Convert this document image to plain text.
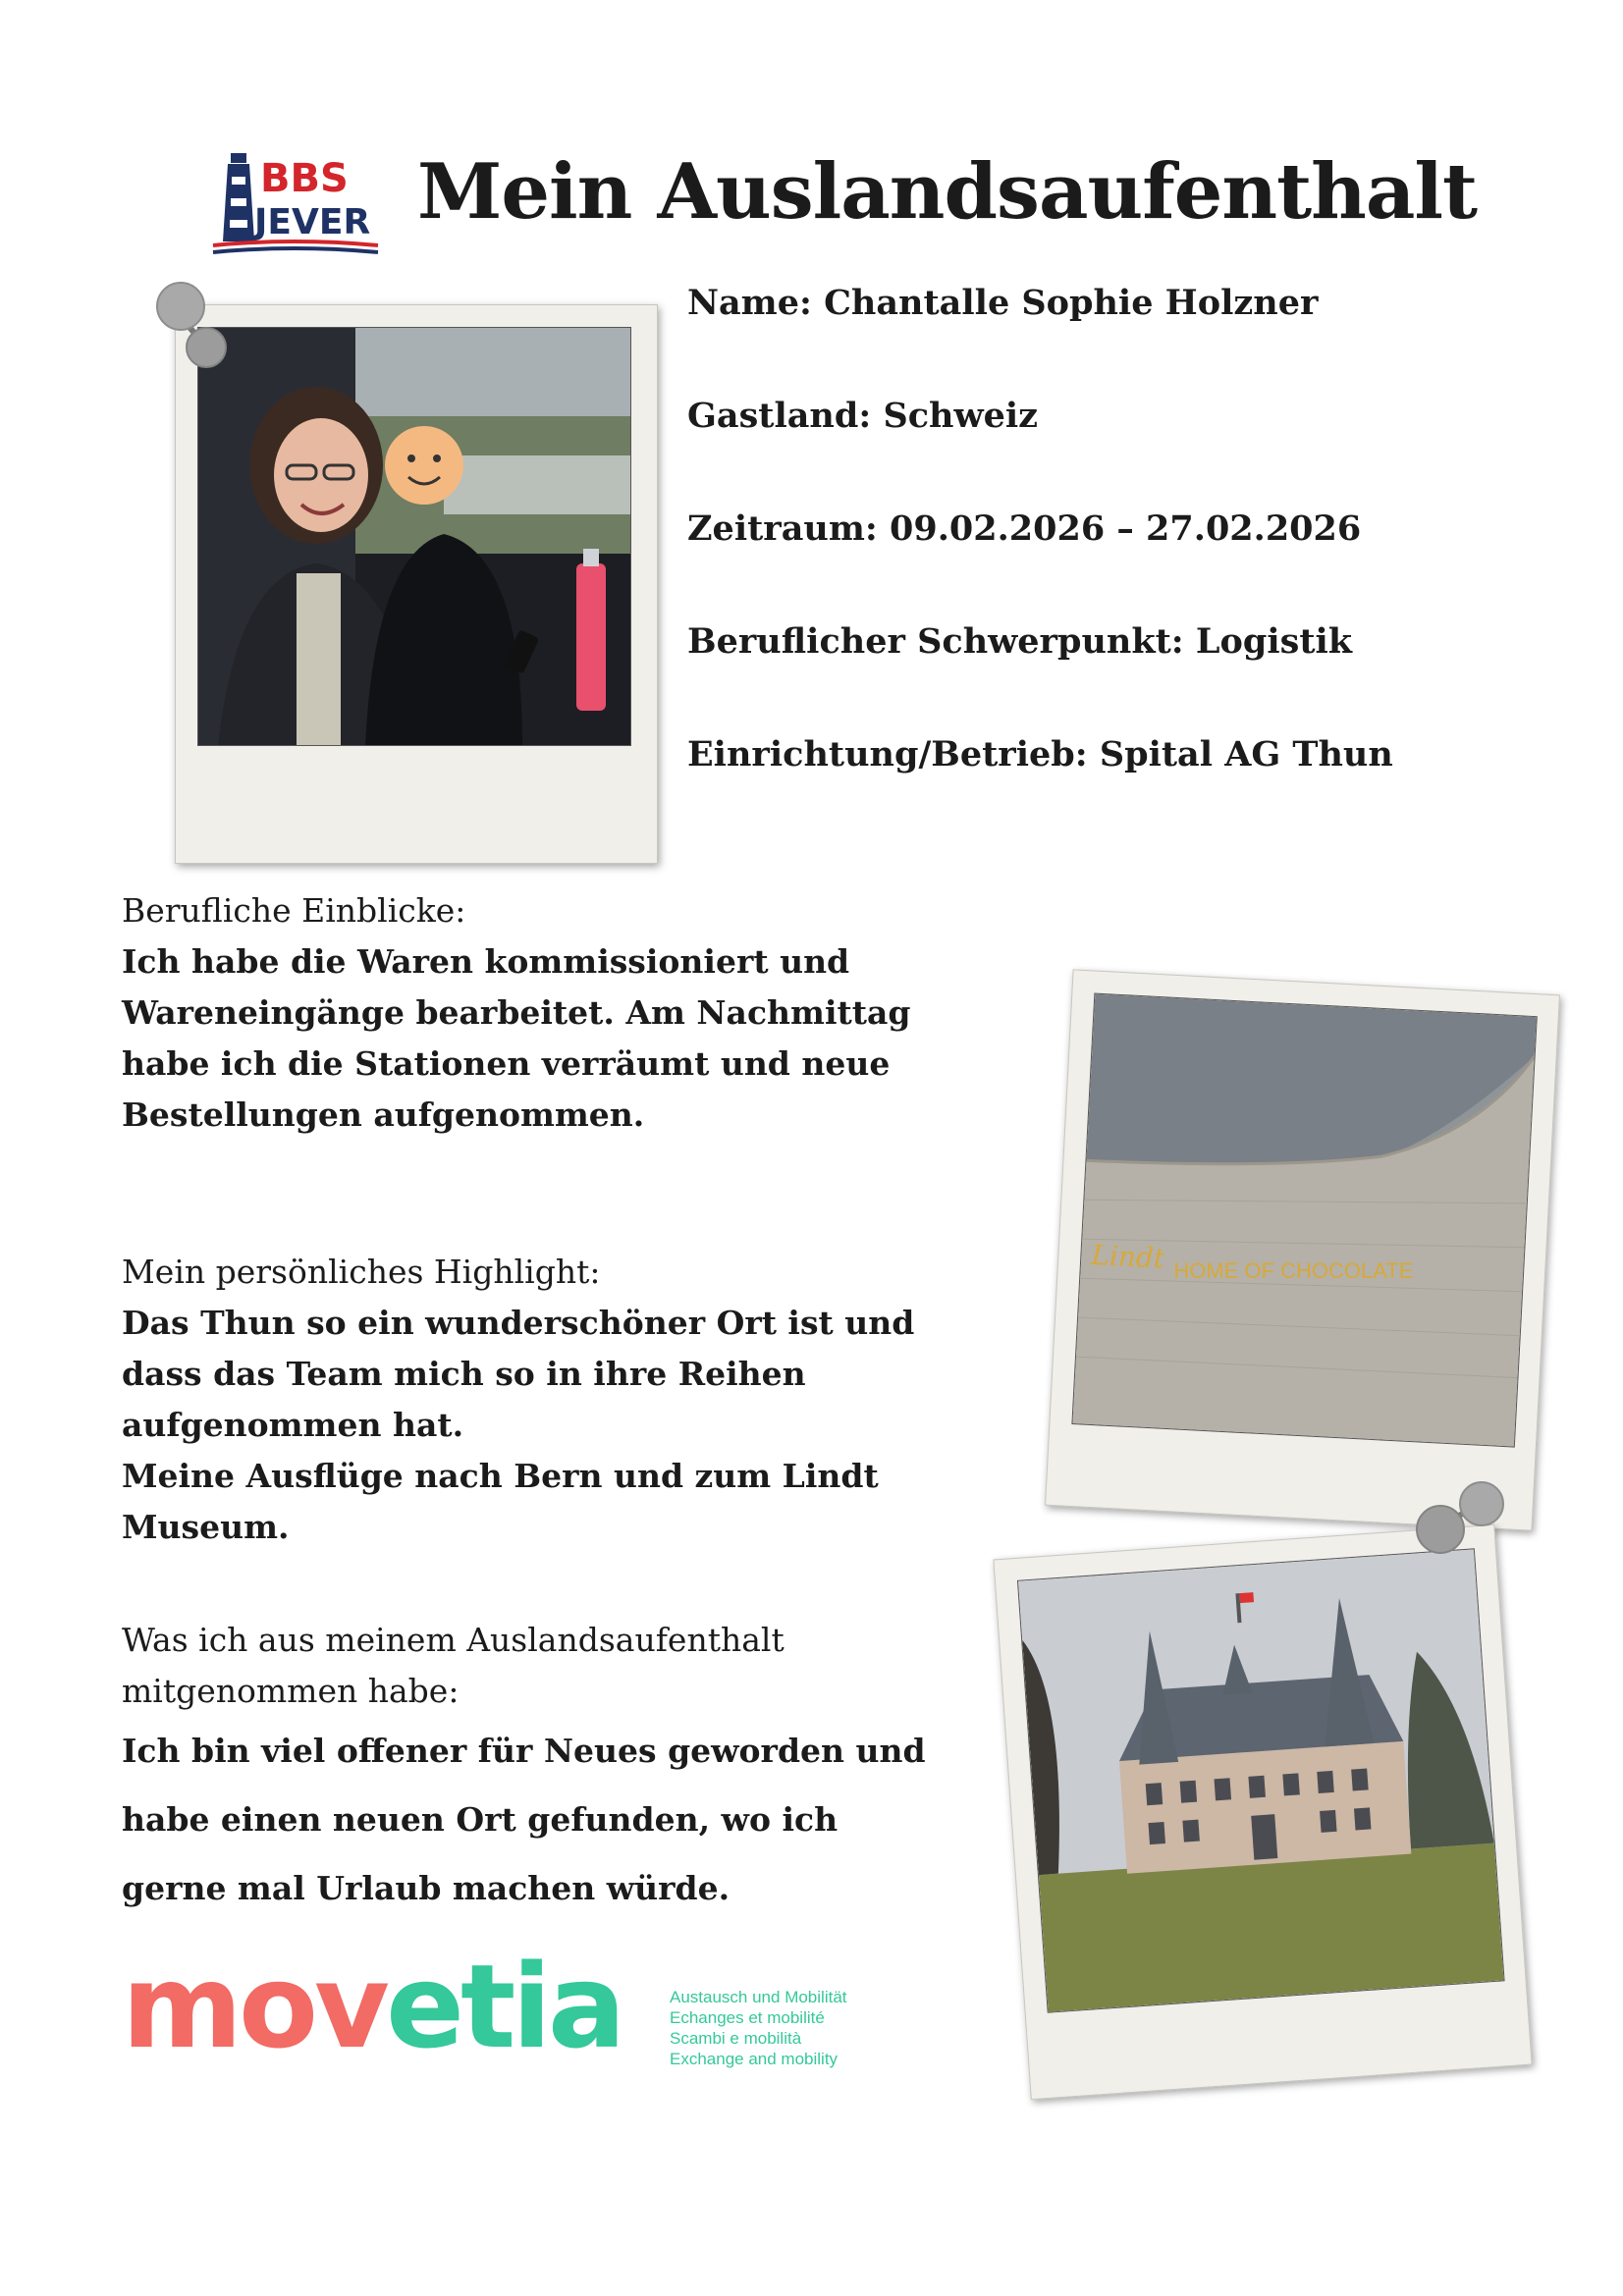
BBS
JEVER Mein Auslandsaufenthalt
Name: Chantalle Sophie Holzner
Gastland: Schweiz
Zeitraum: 09.02.2026 – 27.02.2026
Beruflicher Schwerpunkt: Logistik
Einrichtung/Betrieb: Spital AG Thun
Berufliche Einblicke:
Ich habe die Waren kommissioniert und
Wareneingänge bearbeitet. Am Nachmittag
habe ich die Stationen verräumt und neue
Bestellungen aufgenommen.
Mein persönliches Highlight:
Das Thun so ein wunderschöner Ort ist und
dass das Team mich so in ihre Reihen
aufgenommen hat.
Meine Ausflüge nach Bern und zum Lindt
Museum.
Was ich aus meinem Auslandsaufenthalt
mitgenommen habe:
Ich bin viel offener für Neues geworden und
habe einen neuen Ort gefunden, wo ich
gerne mal Urlaub machen würde.
Lindt HOME OF CHOCOLATE
movetia	Austausch und Mobilität
Echanges et mobilité
Scambi e mobilità
Exchange and mobility
